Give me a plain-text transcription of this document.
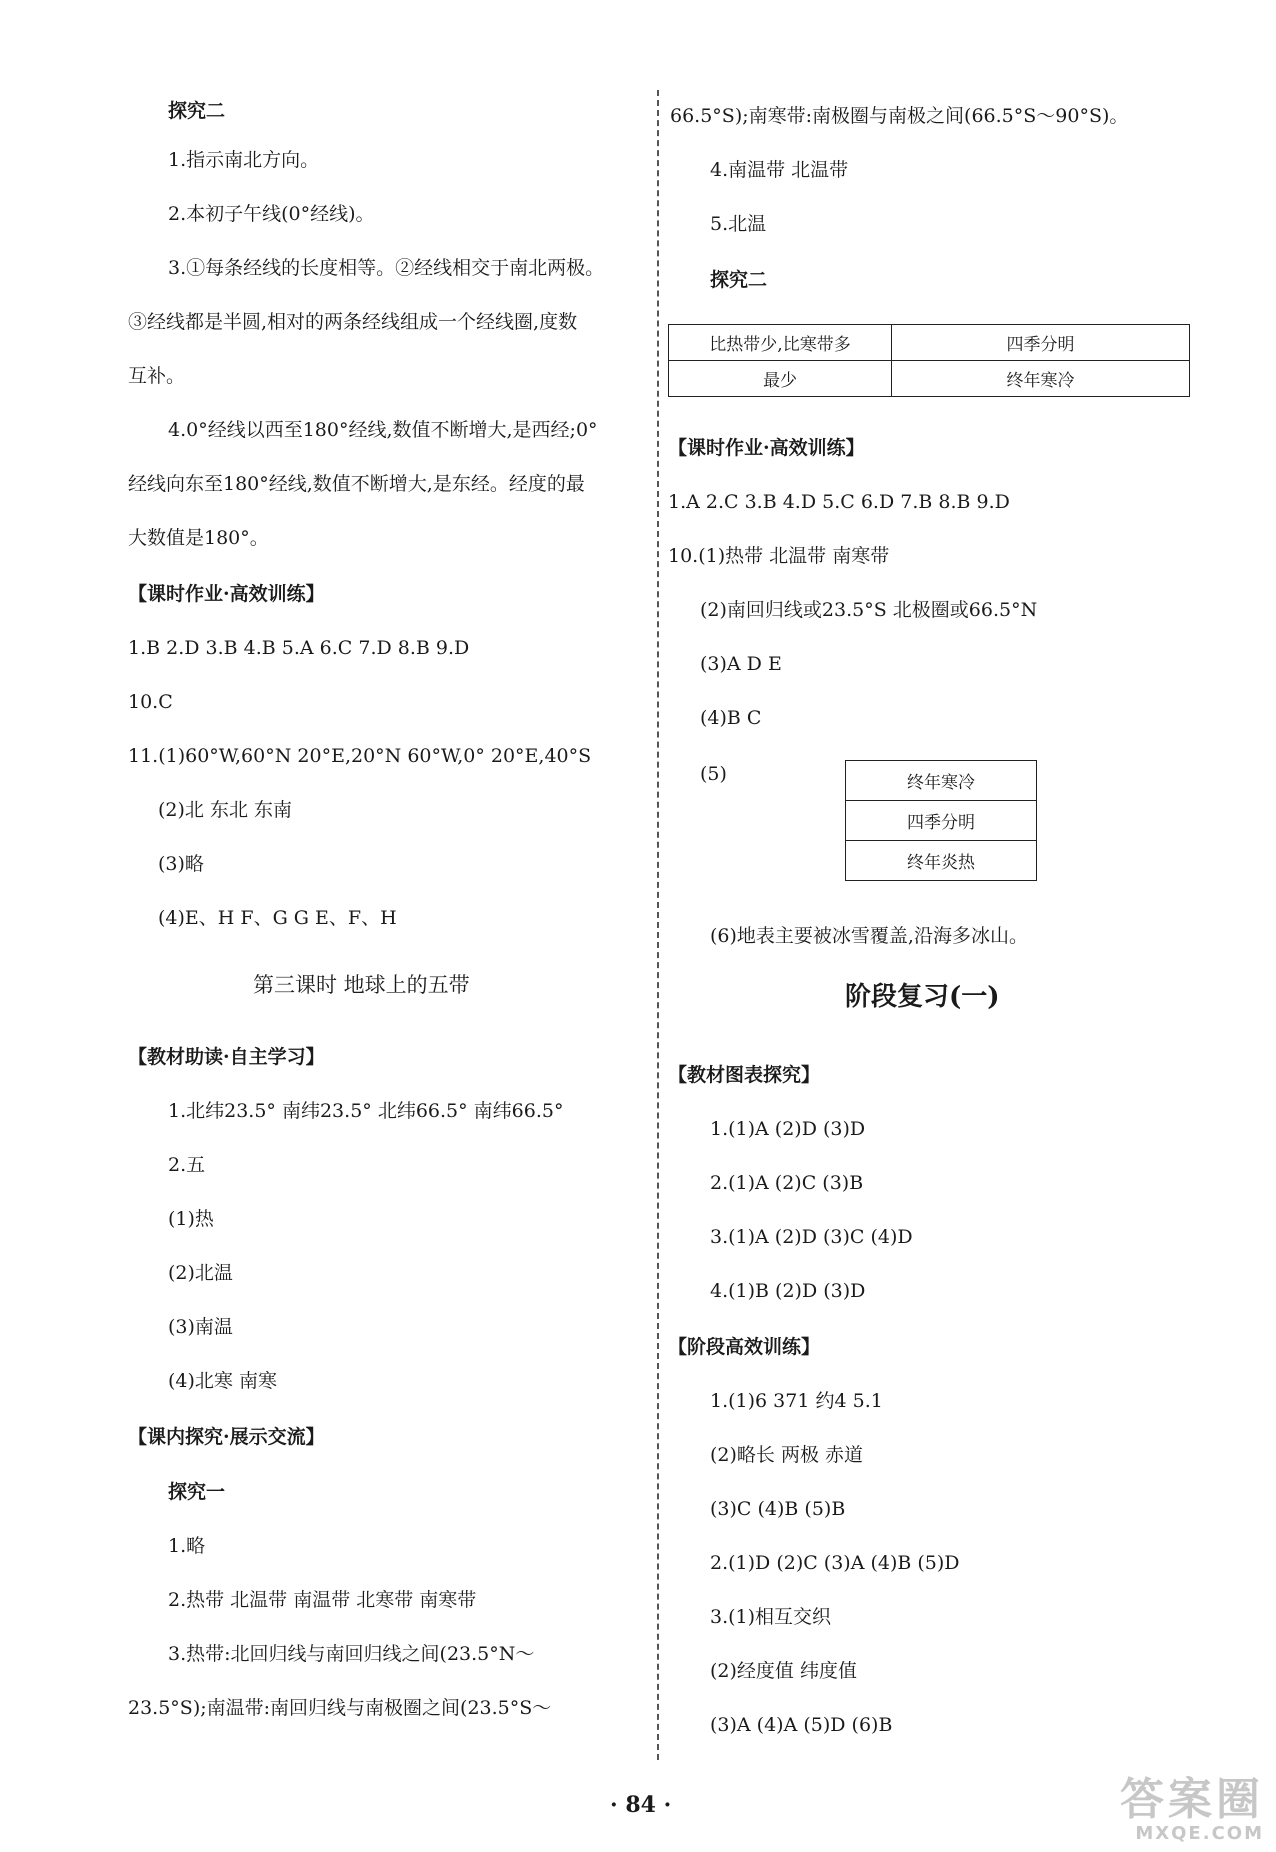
探究二
1.指示南北方向。
2.本初子午线(0°经线)。
3.①每条经线的长度相等。②经线相交于南北两极。
③经线都是半圆,相对的两条经线组成一个经线圈,度数
互补。
4.0°经线以西至180°经线,数值不断增大,是西经;0°
经线向东至180°经线,数值不断增大,是东经。经度的最
大数值是180°。
【课时作业·高效训练】
1.B 2.D 3.B 4.B 5.A 6.C 7.D 8.B 9.D
10.C
11.(1)60°W,60°N 20°E,20°N 60°W,0° 20°E,40°S
(2)北 东北 东南
(3)略
(4)E、H F、G G E、F、H
第三课时 地球上的五带
【教材助读·自主学习】
1.北纬23.5° 南纬23.5° 北纬66.5° 南纬66.5°
2.五
(1)热
(2)北温
(3)南温
(4)北寒 南寒
【课内探究·展示交流】
探究一
1.略
2.热带 北温带 南温带 北寒带 南寒带
3.热带:北回归线与南回归线之间(23.5°N～
23.5°S);南温带:南回归线与南极圈之间(23.5°S～
66.5°S);南寒带:南极圈与南极之间(66.5°S～90°S)。
4.南温带 北温带
5.北温
探究二
比热带少,比寒带多	四季分明
最少	终年寒冷
【课时作业·高效训练】
1.A 2.C 3.B 4.D 5.C 6.D 7.B 8.B 9.D
10.(1)热带 北温带 南寒带
(2)南回归线或23.5°S 北极圈或66.5°N
(3)A D E
(4)B C
(5)	终年寒冷
四季分明
终年炎热
(6)地表主要被冰雪覆盖,沿海多冰山。
阶段复习(一)
【教材图表探究】
1.(1)A (2)D (3)D
2.(1)A (2)C (3)B
3.(1)A (2)D (3)C (4)D
4.(1)B (2)D (3)D
【阶段高效训练】
1.(1)6 371 约4 5.1
(2)略长 两极 赤道
(3)C (4)B (5)B
2.(1)D (2)C (3)A (4)B (5)D
3.(1)相互交织
(2)经度值 纬度值
(3)A (4)A (5)D (6)B
· 84 ·	答案圈
MXQE.COM
